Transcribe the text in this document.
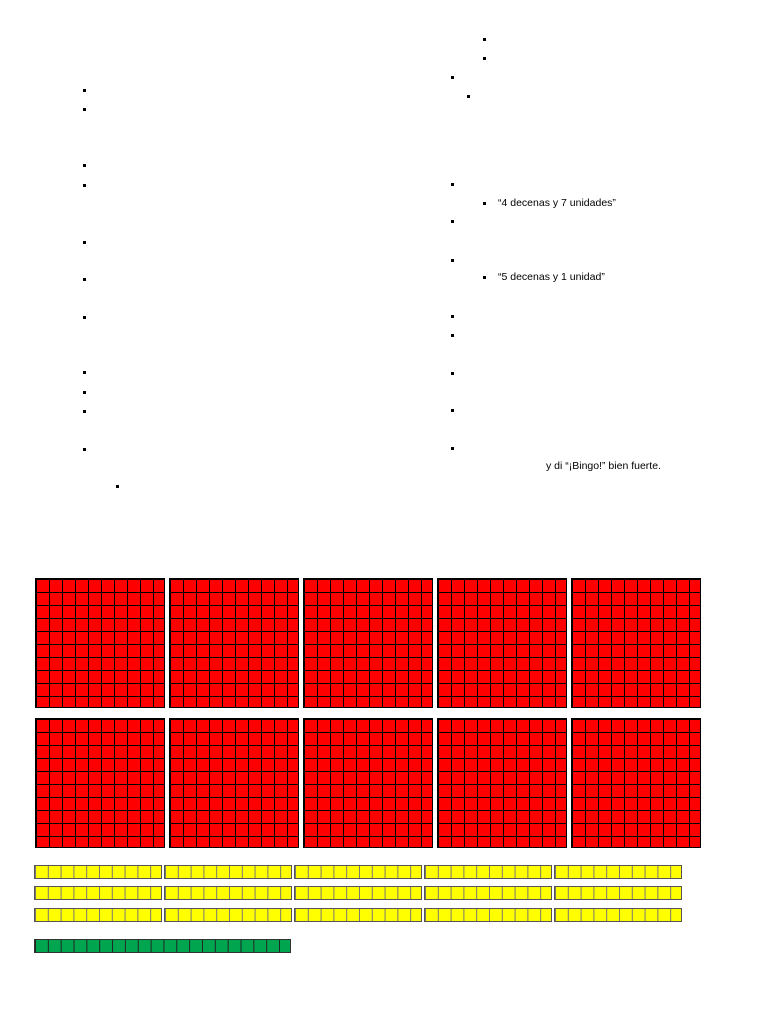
“4 decenas y 7 unidades”
“5 decenas y 1 unidad”
y di “¡Bingo!” bien fuerte.
